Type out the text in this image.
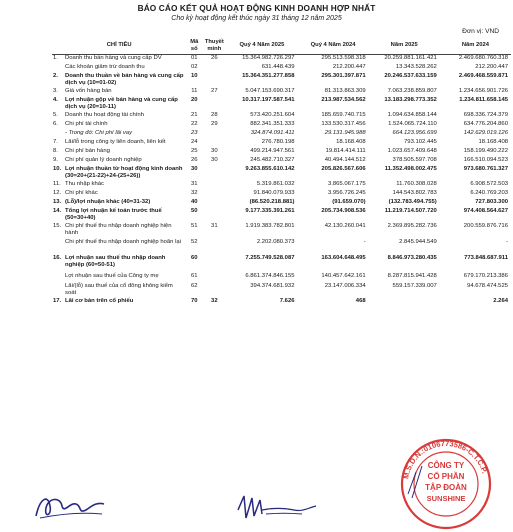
BÁO CÁO KẾT QUẢ HOẠT ĐỘNG KINH DOANH HỢP NHẤT
Cho kỳ hoạt động kết thúc ngày 31 tháng 12 năm 2025
Đơn vị: VND
CHỈ TIÊU		Mã số	Thuyết minh	Quý 4 Năm 2025	Quý 4 Năm 2024	Năm 2025	Năm 2024
1.	Doanh thu bán hàng và cung cấp DV	01	26	15.364.982.726.297	295.513.598.318	20.259.881.161.421	2.469.680.760.318
	Các khoản giảm trừ doanh thu	02		631.448.439	212.200.447	13.343.528.262	212.200.447
2.	Doanh thu thuần về bán hàng và cung cấp dịch vụ (10=01-02)	10		15.364.351.277.858	295.301.397.871	20.246.537.633.159	2.469.468.559.871
3.	Giá vốn hàng bán	11	27	5.047.153.690.317	81.313.863.309	7.063.238.859.807	1.234.656.901.726
4.	Lợi nhuận gộp về bán hàng và cung cấp dịch vụ (20=10-11)	20		10.317.197.587.541	213.987.534.562	13.183.298.773.352	1.234.811.658.145
5.	Doanh thu hoạt động tài chính	21	28	573.420.251.604	185.659.740.715	1.094.634.858.144	698.336.724.379
6.	Chi phí tài chính	22	29	882.341.351.333	133.530.317.456	1.524.065.724.110	634.776.204.860
	- Trong đó: Chi phí lãi vay	23		324.874.091.411	29.131.945.988	664.123.956.699	142.629.019.126
7.	Lãi/lỗ trong công ty liên doanh, liên kết	24		276.780.198	18.168.408	793.102.445	18.168.408
8.	Chi phí bán hàng	25	30	499.214.947.561	19.814.414.111	1.023.657.409.648	158.199.490.222
9.	Chi phí quản lý doanh nghiệp	26	30	245.482.710.327	40.494.144.512	378.505.597.708	166.510.094.523
10.	Lợi nhuận thuần từ hoạt động kinh doanh (30=20+(21-22)+24-(25+26))	30		9.263.855.610.142	205.826.567.606	11.352.498.002.475	973.680.761.327
11.	Thu nhập khác	31		5.319.861.032	3.865.067.175	11.760.308.028	6.908.572.503
12.	Chi phí khác	32		91.840.079.933	3.956.726.245	144.543.802.783	6.240.769.203
13.	(Lỗ)/lợi nhuận khác (40=31-32)	40		(86.520.218.881)	(91.659.070)	(132.783.494.755)	727.803.300
14.	Tổng lợi nhuận kế toán trước thuế (50=30+40)	50		9.177.335.391.261	205.734.908.536	11.219.714.507.720	974.408.564.627
15.	Chi phí thuế thu nhập doanh nghiệp hiện hành	51	31	1.919.383.782.801	42.130.260.041	2.369.895.282.736	200.559.876.716
	Chi phí thuế thu nhập doanh nghiệp hoãn lại	52		2.202.080.373	-	2.845.944.549	-
16.	Lợi nhuận sau thuế thu nhập doanh nghiệp (60=50-51)	60		7.255.749.528.087	163.604.648.495	8.846.973.280.435	773.848.687.911
	Lợi nhuận sau thuế của Công ty mẹ	61		6.861.374.846.155	140.457.642.161	8.287.815.941.428	679.170.213.386
	Lãi/(lỗ) sau thuế của cổ đông không kiểm soát	62		394.374.681.932	23.147.006.334	559.157.339.007	94.678.474.525
17.	Lãi cơ bản trên cổ phiếu	70	32	7.626	468		2.264
M.S.D.N.:0106773586-C.T.C.P.
CÔNG TY
CỔ PHẦN
TẬP ĐOÀN
SUNSHINE
